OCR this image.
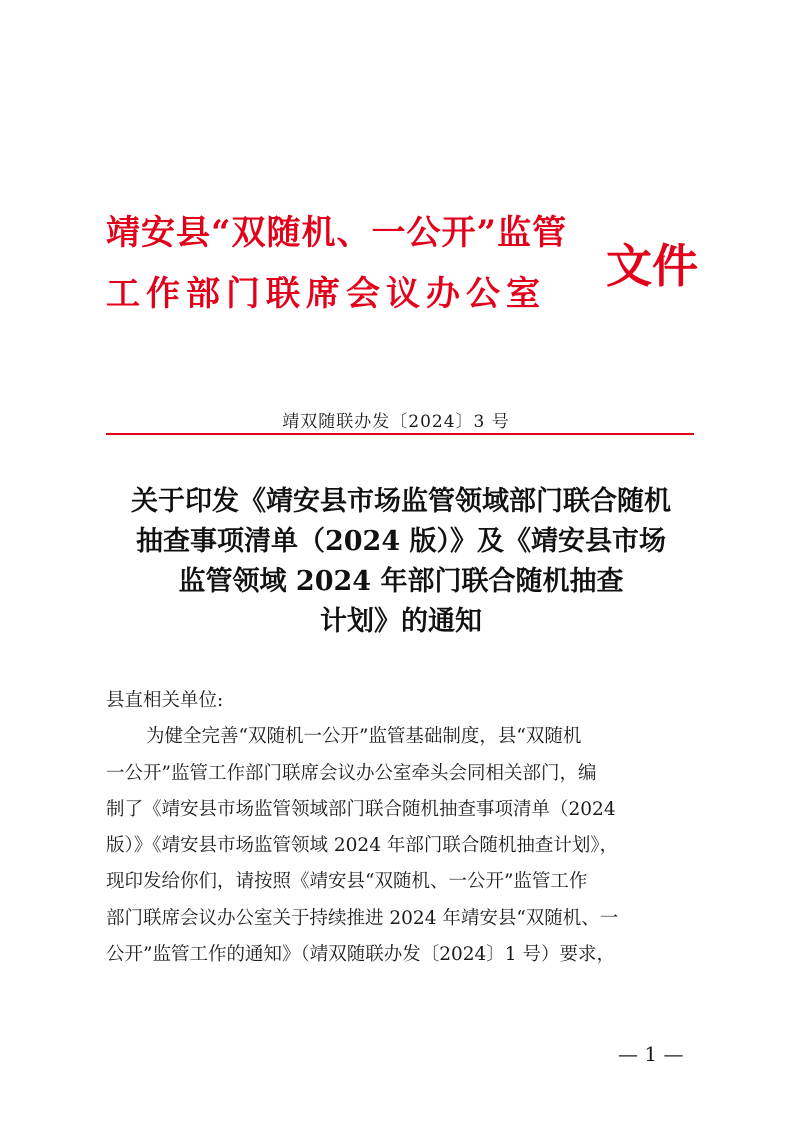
靖安县“双随机、一公开”监管
工作部门联席会议办公室
文件
靖双随联办发〔2024〕3 号
关于印发《靖安县市场监管领域部门联合随机
抽查事项清单（2024 版）》及《靖安县市场
监管领域 2024 年部门联合随机抽查
计划》的通知
县直相关单位:
为健全完善“双随机一公开”监管基础制度，县“双随机
一公开”监管工作部门联席会议办公室牵头会同相关部门，编
制了《靖安县市场监管领域部门联合随机抽查事项清单（2024
版）》《靖安县市场监管领域 2024 年部门联合随机抽查计划》，
现印发给你们，请按照《靖安县“双随机、一公开”监管工作
部门联席会议办公室关于持续推进 2024 年靖安县“双随机、一
公开”监管工作的通知》（靖双随联办发〔2024〕1 号）要求，
— 1 —
